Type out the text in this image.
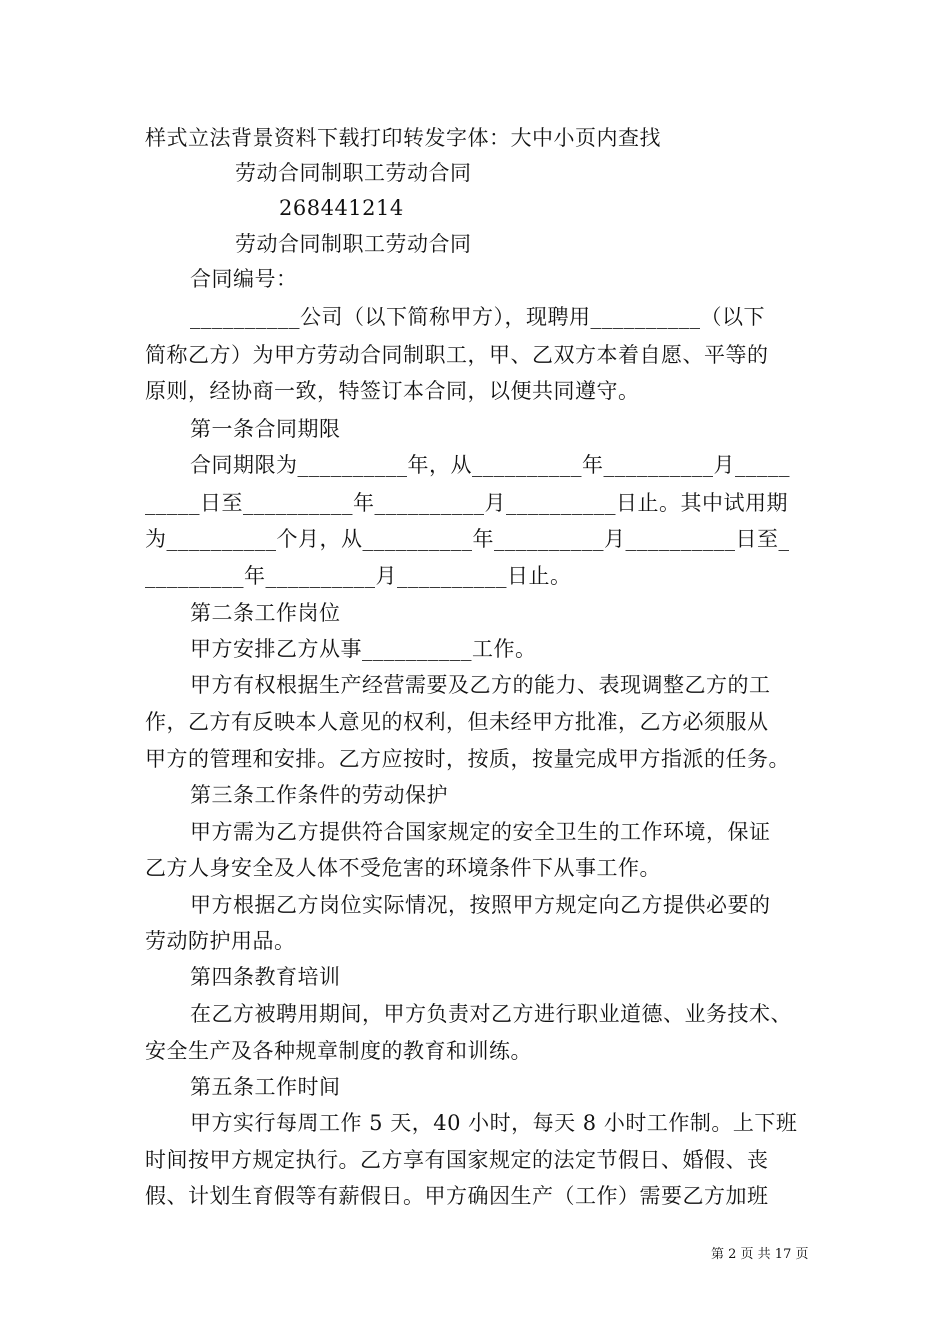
样式立法背景资料下载打印转发字体：大中小页内查找
劳动合同制职工劳动合同
268441214
劳动合同制职工劳动合同
合同编号：
__________公司（以下简称甲方），现聘用__________（以下
简称乙方）为甲方劳动合同制职工，甲、乙双方本着自愿、平等的
原则，经协商一致，特签订本合同，以便共同遵守。
第一条合同期限
合同期限为__________年，从__________年__________月_____
_____日至__________年__________月__________日止。其中试用期
为__________个月，从__________年__________月__________日至_
_________年__________月__________日止。
第二条工作岗位
甲方安排乙方从事__________工作。
甲方有权根据生产经营需要及乙方的能力、表现调整乙方的工
作，乙方有反映本人意见的权利，但未经甲方批准，乙方必须服从
甲方的管理和安排。乙方应按时，按质，按量完成甲方指派的任务。
第三条工作条件的劳动保护
甲方需为乙方提供符合国家规定的安全卫生的工作环境，保证
乙方人身安全及人体不受危害的环境条件下从事工作。
甲方根据乙方岗位实际情况，按照甲方规定向乙方提供必要的
劳动防护用品。
第四条教育培训
在乙方被聘用期间，甲方负责对乙方进行职业道德、业务技术、
安全生产及各种规章制度的教育和训练。
第五条工作时间
甲方实行每周工作 5 天，40 小时，每天 8 小时工作制。上下班
时间按甲方规定执行。乙方享有国家规定的法定节假日、婚假、丧
假、计划生育假等有薪假日。甲方确因生产（工作）需要乙方加班
第 2 页 共 17 页
